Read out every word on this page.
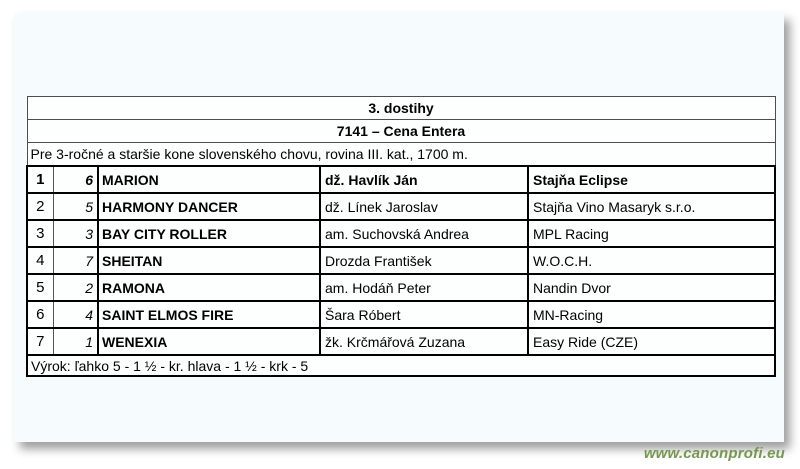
3. dostihy				
7141 – Cena Entera				
Pre 3-ročné a staršie kone slovenského chovu, rovina III. kat., 1700 m.				
1	6	MARION	dž. Havlík Ján	Stajňa Eclipse
2	5	HARMONY DANCER	dž. Línek Jaroslav	Stajňa Vino Masaryk s.r.o.
3	3	BAY CITY ROLLER	am. Suchovská Andrea	MPL Racing
4	7	SHEITAN	Drozda František	W.O.C.H.
5	2	RAMONA	am. Hodáň Peter	Nandin Dvor
6	4	SAINT ELMOS FIRE	Šara Róbert	MN-Racing
7	1	WENEXIA	žk. Krčmářová Zuzana	Easy Ride (CZE)
Výrok: ľahko 5 - 1 ½ - kr. hlava - 1 ½ - krk - 5				
www.canonprofi.eu
